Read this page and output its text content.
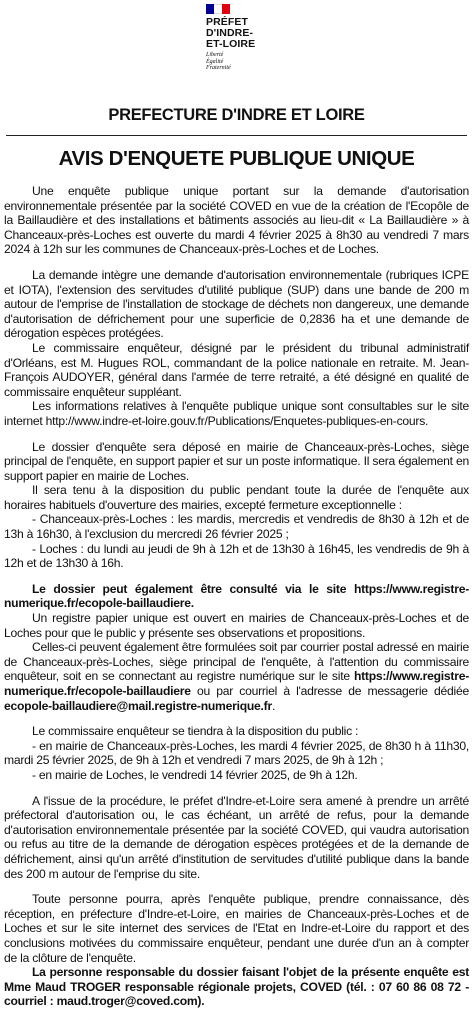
PRÉFET
D'INDRE-
ET-LOIRE
Liberté
Égalité
Fraternité
PREFECTURE D'INDRE ET LOIRE
AVIS D'ENQUETE PUBLIQUE UNIQUE

Une enquête publique unique portant sur la demande d'autorisation environnementale présentée par la société COVED en vue de la création de l'Ecopôle de la Baillaudière et des installations et bâtiments associés au lieu-dit « La Baillaudière » à Chanceaux-près-Loches est ouverte du mardi 4 février 2025 à 8h30 au vendredi 7 mars 2024 à 12h sur les communes de Chanceaux-près-Loches et de Loches.

La demande intègre une demande d'autorisation environnementale (rubriques ICPE et IOTA), l'extension des servitudes d'utilité publique (SUP) dans une bande de 200 m autour de l'emprise de l'installation de stockage de déchets non dangereux, une demande d'autorisation de défrichement pour une superficie de 0,2836 ha et une demande de dérogation espèces protégées.

Le commissaire enquêteur, désigné par le président du tribunal administratif d'Orléans, est M. Hugues ROL, commandant de la police nationale en retraite. M. Jean-François AUDOYER, général dans l'armée de terre retraité, a été désigné en qualité de commissaire enquêteur suppléant.

Les informations relatives à l'enquête publique unique sont consultables sur le site internet http://www.indre-et-loire.gouv.fr/Publications/Enquetes-publiques-en-cours.

Le dossier d'enquête sera déposé en mairie de Chanceaux-près-Loches, siège principal de l'enquête, en support papier et sur un poste informatique. Il sera également en support papier en mairie de Loches.

Il sera tenu à la disposition du public pendant toute la durée de l'enquête aux horaires habituels d'ouverture des mairies, excepté fermeture exceptionnelle :

- Chanceaux-près-Loches : les mardis, mercredis et vendredis de 8h30 à 12h et de 13h à 16h30, à l'exclusion du mercredi 26 février 2025 ;

- Loches : du lundi au jeudi de 9h à 12h et de 13h30 à 16h45, les vendredis de 9h à 12h et de 13h30 à 16h.

Le dossier peut également être consulté via le site https://www.registre-numerique.fr/ecopole-baillaudiere.

Un registre papier unique est ouvert en mairies de Chanceaux-près-Loches et de Loches pour que le public y présente ses observations et propositions.

Celles-ci peuvent également être formulées soit par courrier postal adressé en mairie de Chanceaux-près-Loches, siège principal de l'enquête, à l'attention du commissaire enquêteur, soit en se connectant au registre numérique sur le site https://www.registre-numerique.fr/ecopole-baillaudiere ou par courriel à l'adresse de messagerie dédiée ecopole-baillaudiere@mail.registre-numerique.fr.

Le commissaire enquêteur se tiendra à la disposition du public :

- en mairie de Chanceaux-près-Loches, les mardi 4 février 2025, de 8h30 h à 11h30, mardi 25 février 2025, de 9h à 12h et vendredi 7 mars 2025, de 9h à 12h ;

- en mairie de Loches, le vendredi 14 février 2025, de 9h à 12h.

A l'issue de la procédure, le préfet d'Indre-et-Loire sera amené à prendre un arrêté préfectoral d'autorisation ou, le cas échéant, un arrêté de refus, pour la demande d'autorisation environnementale présentée par la société COVED, qui vaudra autorisation ou refus au titre de la demande de dérogation espèces protégées et de la demande de défrichement, ainsi qu'un arrêté d'institution de servitudes d'utilité publique dans la bande des 200 m autour de l'emprise du site.

Toute personne pourra, après l'enquête publique, prendre connaissance, dès réception, en préfecture d'Indre-et-Loire, en mairies de Chanceaux-près-Loches et de Loches et sur le site internet des services de l'Etat en Indre-et-Loire du rapport et des conclusions motivées du commissaire enquêteur, pendant une durée d'un an à compter de la clôture de l'enquête.

La personne responsable du dossier faisant l'objet de la présente enquête est Mme Maud TROGER responsable régionale projets, COVED (tél. : 07 60 86 08 72 - courriel : maud.troger@coved.com).
